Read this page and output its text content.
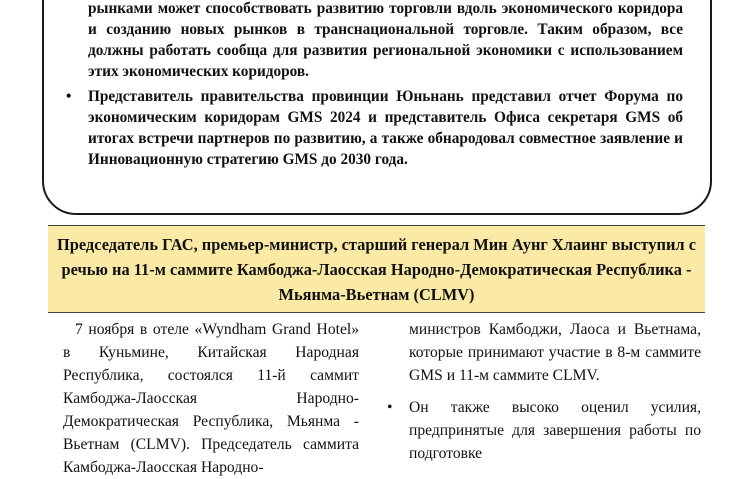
рынками может способствовать развитию торговли вдоль экономического коридора и созданию новых рынков в транснациональной торговле. Таким образом, все должны работать сообща для развития региональной экономики с использованием этих экономических коридоров.

• Представитель правительства провинции Юньнань представил отчет Форума по экономическим коридорам GMS 2024 и представитель Офиса секретаря GMS об итогах встречи партнеров по развитию, а также обнародовал совместное заявление и Инновационную стратегию GMS до 2030 года.

Председатель ГАС, премьер-министр, старший генерал Мин Аунг Хлаинг выступил с речью на 11-м саммите Камбоджа-Лаосская Народно-Демократическая Республика - Мьянма-Вьетнам (CLMV)

7 ноября в отеле «Wyndham Grand Hotel» в Куньмине, Китайская Народная Республика, состоялся 11-й саммит Камбоджа-Лаосская Народно-Демократическая Республика, Мьянма - Вьетнам (CLMV). Председатель саммита Камбоджа-Лаосская Народно-

министров Камбоджи, Лаоса и Вьетнама, которые принимают участие в 8-м саммите GMS и 11-м саммите CLMV.

• Он также высоко оценил усилия, предпринятые для завершения работы по подготовке
